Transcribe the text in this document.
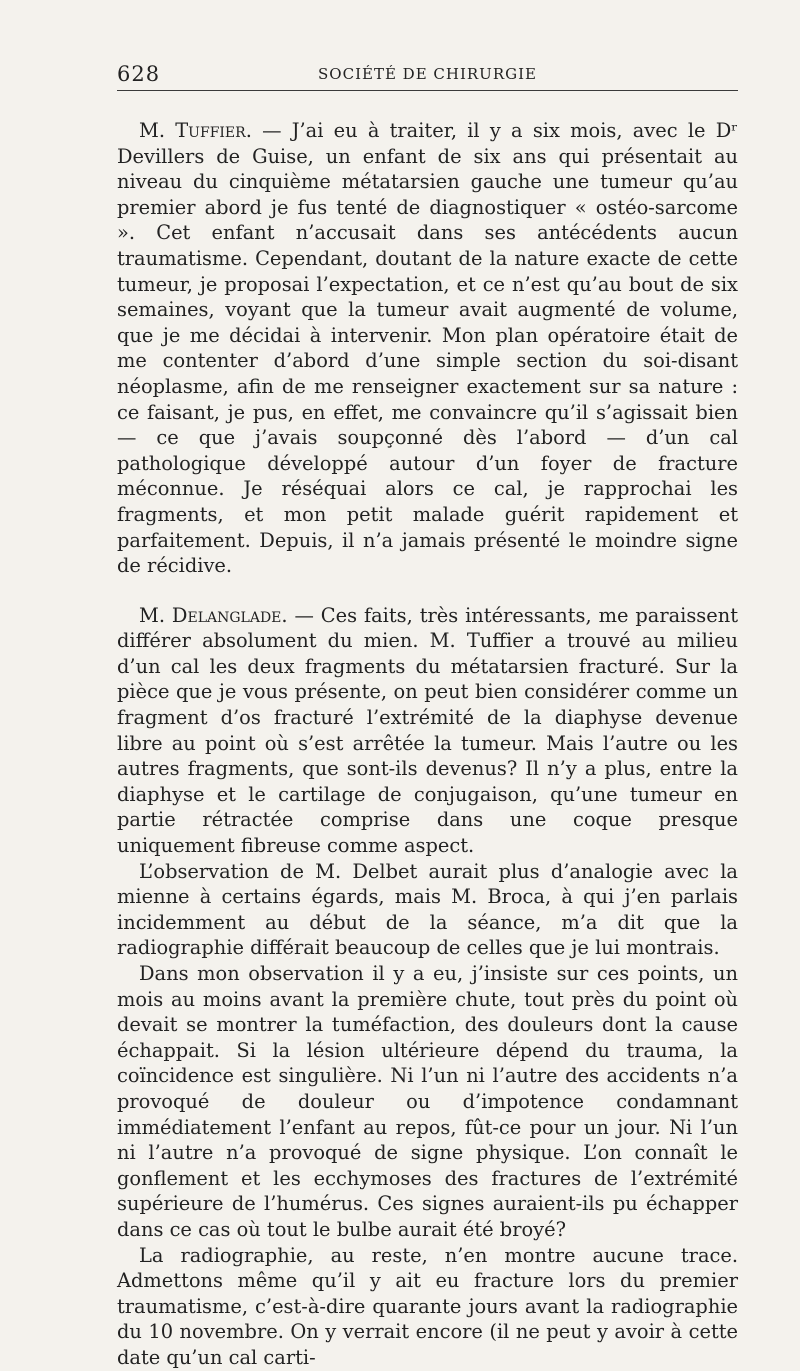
628	SOCIÉTÉ DE CHIRURGIE

M. Tuffier. — J’ai eu à traiter, il y a six mois, avec le Dʳ Devillers de Guise, un enfant de six ans qui présentait au niveau du cinquième métatarsien gauche une tumeur qu’au premier abord je fus tenté de diagnostiquer « ostéo-sarcome ». Cet enfant n’accusait dans ses antécédents aucun traumatisme. Cependant, doutant de la nature exacte de cette tumeur, je proposai l’expectation, et ce n’est qu’au bout de six semaines, voyant que la tumeur avait augmenté de volume, que je me décidai à intervenir. Mon plan opératoire était de me contenter d’abord d’une simple section du soi-disant néoplasme, afin de me renseigner exactement sur sa nature : ce faisant, je pus, en effet, me convaincre qu’il s’agissait bien — ce que j’avais soupçonné dès l’abord — d’un cal pathologique développé autour d’un foyer de fracture méconnue. Je réséquai alors ce cal, je rapprochai les fragments, et mon petit malade guérit rapidement et parfaitement. Depuis, il n’a jamais présenté le moindre signe de récidive.

M. Delanglade. — Ces faits, très intéressants, me paraissent différer absolument du mien. M. Tuffier a trouvé au milieu d’un cal les deux fragments du métatarsien fracturé. Sur la pièce que je vous présente, on peut bien considérer comme un fragment d’os fracturé l’extrémité de la diaphyse devenue libre au point où s’est arrêtée la tumeur. Mais l’autre ou les autres fragments, que sont-ils devenus? Il n’y a plus, entre la diaphyse et le cartilage de conjugaison, qu’une tumeur en partie rétractée comprise dans une coque presque uniquement fibreuse comme aspect.

L’observation de M. Delbet aurait plus d’analogie avec la mienne à certains égards, mais M. Broca, à qui j’en parlais incidemment au début de la séance, m’a dit que la radiographie différait beaucoup de celles que je lui montrais.

Dans mon observation il y a eu, j’insiste sur ces points, un mois au moins avant la première chute, tout près du point où devait se montrer la tuméfaction, des douleurs dont la cause échappait. Si la lésion ultérieure dépend du trauma, la coïncidence est singulière. Ni l’un ni l’autre des accidents n’a provoqué de douleur ou d’impotence condamnant immédiatement l’enfant au repos, fût-ce pour un jour. Ni l’un ni l’autre n’a provoqué de signe physique. L’on connaît le gonflement et les ecchymoses des fractures de l’extrémité supérieure de l’humérus. Ces signes auraient-ils pu échapper dans ce cas où tout le bulbe aurait été broyé?

La radiographie, au reste, n’en montre aucune trace. Admettons même qu’il y ait eu fracture lors du premier traumatisme, c’est-à-dire quarante jours avant la radiographie du 10 novembre. On y verrait encore (il ne peut y avoir à cette date qu’un cal carti-
